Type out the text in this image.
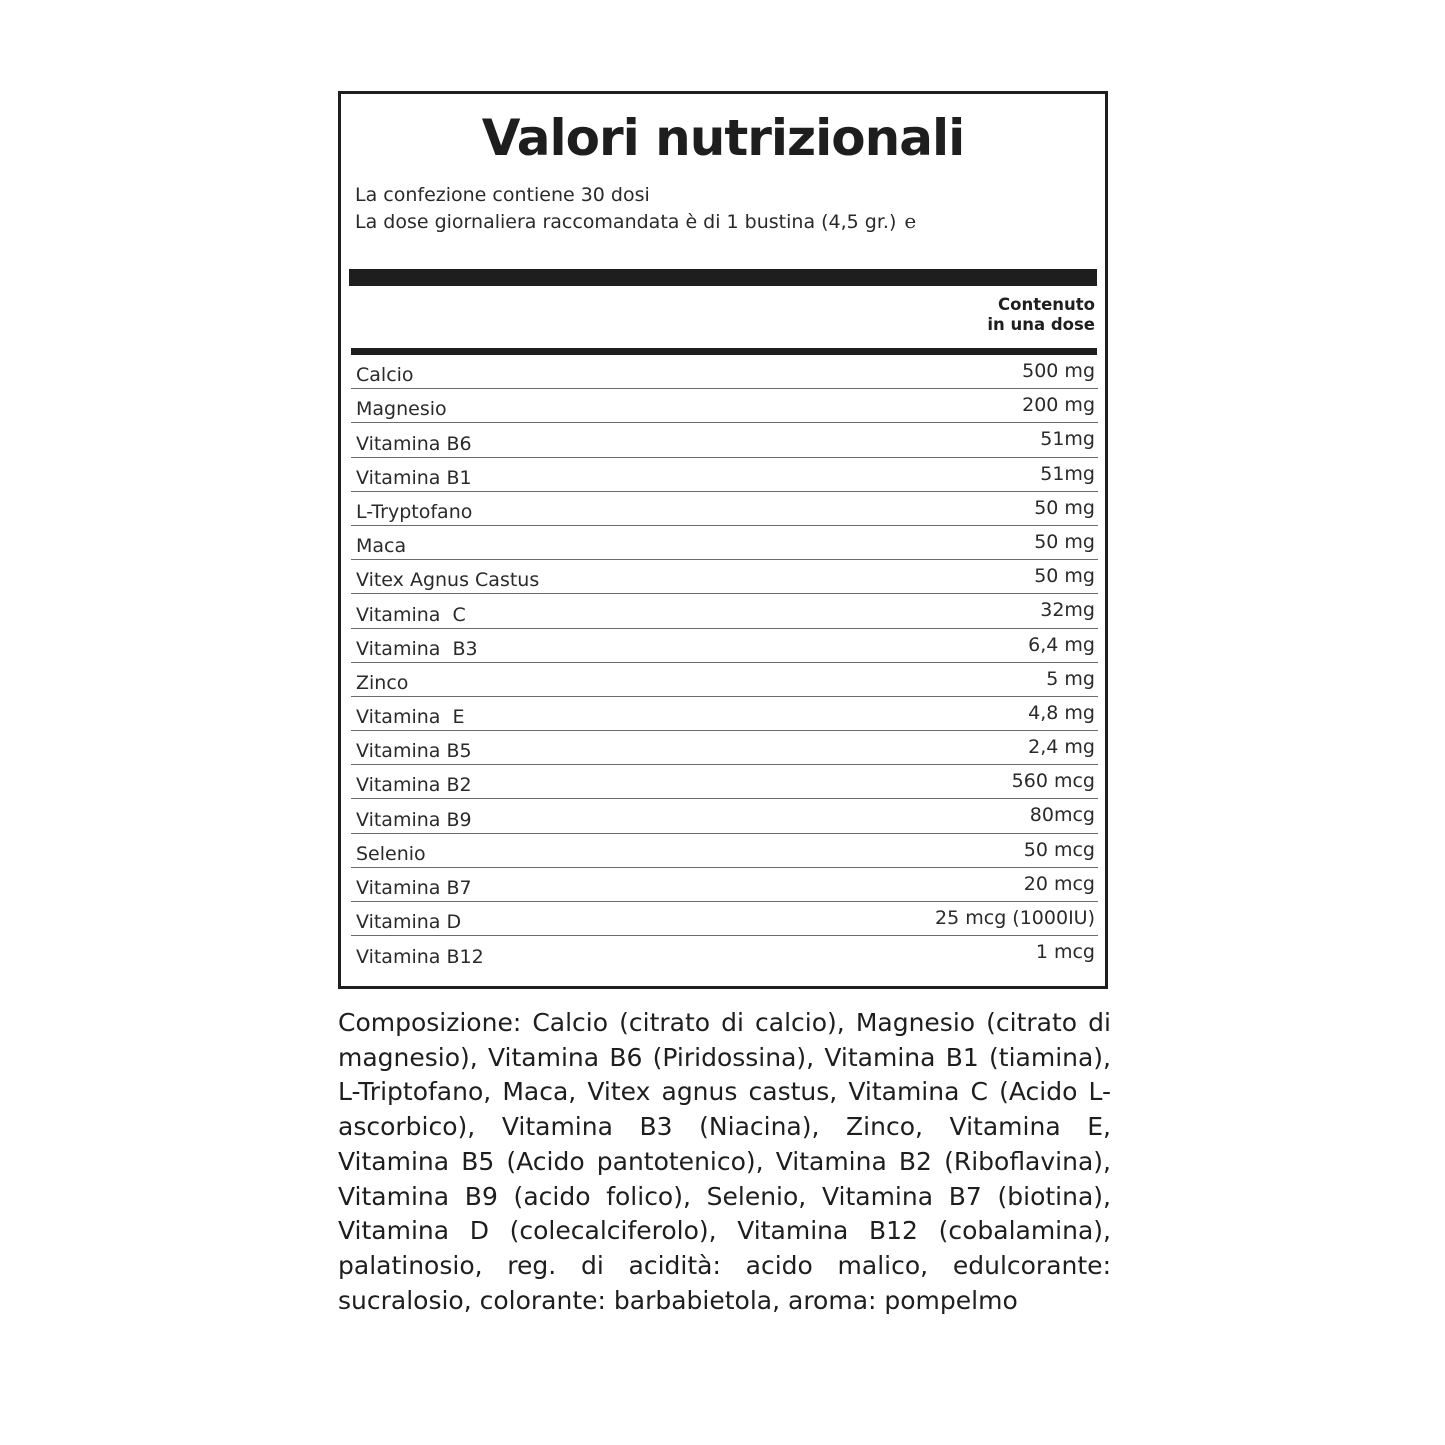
Valori nutrizionali
La confezione contiene 30 dosi
La dose giornaliera raccomandata è di 1 bustina (4,5 gr.) e
Contenuto
in una dose
Calcio	500 mg
Magnesio	200 mg
Vitamina B6	51mg
Vitamina B1	51mg
L-Tryptofano	50 mg
Maca	50 mg
Vitex Agnus Castus	50 mg
Vitamina  C	32mg
Vitamina  B3	6,4 mg
Zinco	5 mg
Vitamina  E	4,8 mg
Vitamina B5	2,4 mg
Vitamina B2	560 mcg
Vitamina B9	80mcg
Selenio	50 mcg
Vitamina B7	20 mcg
Vitamina D	25 mcg (1000IU)
Vitamina B12	1 mcg

Composizione: Calcio (citrato di calcio), Magnesio (citrato di magnesio), Vitamina B6 (Piridossina), Vitamina B1 (tiamina), L-Triptofano, Maca, Vitex agnus castus, Vitamina C (Acido L-ascorbico), Vitamina B3 (Niacina), Zinco, Vitamina E, Vitamina B5 (Acido pantotenico), Vitamina B2 (Riboflavina), Vitamina B9 (acido folico), Selenio, Vitamina B7 (biotina), Vitamina D (colecalciferolo), Vitamina B12 (cobalamina), palatinosio, reg. di acidità: acido malico, edulcorante: sucralosio, colorante: barbabietola, aroma: pompelmo
